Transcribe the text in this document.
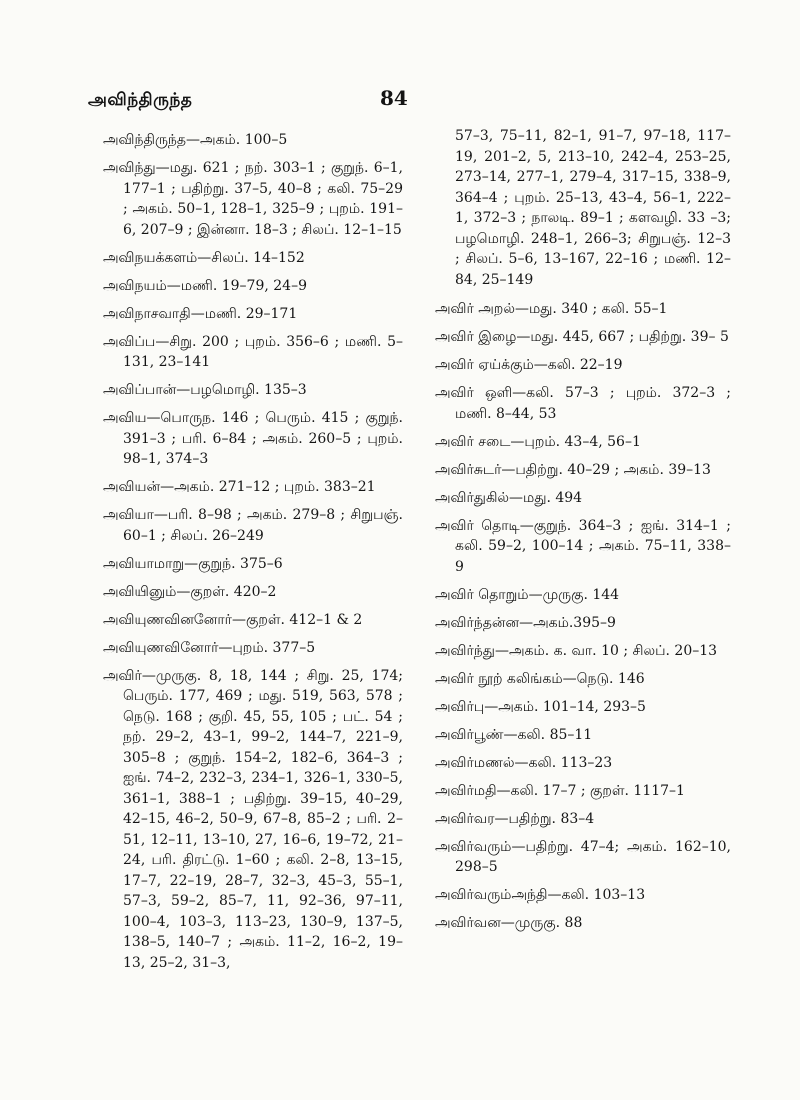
அவிந்திருந்த	84

அவிந்திருந்த—அகம். 100–5

அவிந்து—மது. 621 ; நற். 303–1 ; குறுந். 6–1, 177–1 ; பதிற்று. 37–5, 40–8 ; கலி. 75–29 ; அகம். 50–1, 128–1, 325–9 ; புறம். 191–6, 207–9 ; இன்னா. 18–3 ; சிலப். 12–1–15

அவிநயக்களம்—சிலப். 14–152

அவிநயம்—மணி. 19–79, 24–9

அவிநாசவாதி—மணி. 29–171

அவிப்ப—சிறு. 200 ; புறம். 356–6 ; மணி. 5–131, 23–141

அவிப்பான்—பழமொழி. 135–3

அவிய—பொருந. 146 ; பெரும். 415 ; குறுந். 391–3 ; பரி. 6–84 ; அகம். 260–5 ; புறம். 98–1, 374–3

அவியன்—அகம். 271–12 ; புறம். 383–21

அவியா—பரி. 8–98 ; அகம். 279–8 ; சிறுபஞ். 60–1 ; சிலப். 26–249

அவியாமாறு—குறுந். 375–6

அவியினும்—குறள். 420–2

அவியுணவினனோர்—குறள். 412–1 & 2

அவியுணவினோர்—புறம். 377–5

அவிர்—முருகு. 8, 18, 144 ; சிறு. 25, 174; பெரும். 177, 469 ; மது. 519, 563, 578 ; நெடு. 168 ; குறி. 45, 55, 105 ; பட். 54 ; நற். 29–2, 43–1, 99–2, 144–7, 221–9, 305–8 ; குறுந். 154–2, 182–6, 364–3 ; ஐங். 74–2, 232–3, 234–1, 326–1, 330–5, 361–1, 388–1 ; பதிற்று. 39–15, 40–29, 42–15, 46–2, 50–9, 67–8, 85–2 ; பரி. 2–51, 12–11, 13–10, 27, 16–6, 19–72, 21–24, பரி. திரட்டு. 1–60 ; கலி. 2–8, 13–15, 17–7, 22–19, 28–7, 32–3, 45–3, 55–1, 57–3, 59–2, 85–7, 11, 92–36, 97–11, 100–4, 103–3, 113–23, 130–9, 137–5, 138–5, 140–7 ; அகம். 11–2, 16–2, 19–13, 25–2, 31–3,

57–3, 75–11, 82–1, 91–7, 97–18, 117–19, 201–2, 5, 213–10, 242–4, 253–25, 273–14, 277–1, 279–4, 317–15, 338–9, 364–4 ; புறம். 25–13, 43–4, 56–1, 222–1, 372–3 ; நாலடி. 89–1 ; களவழி. 33 –3; பழமொழி. 248–1, 266–3; சிறுபஞ். 12–3 ; சிலப். 5–6, 13–167, 22–16 ; மணி. 12–84, 25–149

அவிர் அறல்—மது. 340 ; கலி. 55–1

அவிர் இழை—மது. 445, 667 ; பதிற்று. 39– 5

அவிர் ஏய்க்கும்—கலி. 22–19

அவிர் ஒளி—கலி. 57–3 ; புறம். 372–3 ; மணி. 8–44, 53

அவிர் சடை—புறம். 43–4, 56–1

அவிர்சுடர்—பதிற்று. 40–29 ; அகம். 39–13

அவிர்துகில்—மது. 494

அவிர் தொடி—குறுந். 364–3 ; ஐங். 314–1 ; கலி. 59–2, 100–14 ; அகம். 75–11, 338–9

அவிர் தொறும்—முருகு. 144

அவிர்ந்தன்ன—அகம்.395–9

அவிர்ந்து—அகம். க. வா. 10 ; சிலப். 20–13

அவிர் நூற் கலிங்கம்—நெடு. 146

அவிர்பு—அகம். 101–14, 293–5

அவிர்பூண்—கலி. 85–11

அவிர்மணல்—கலி. 113–23

அவிர்மதி—கலி. 17–7 ; குறள். 1117–1

அவிர்வர—பதிற்று. 83–4

அவிர்வரும்—பதிற்று. 47–4; அகம். 162–10, 298–5

அவிர்வரும்அந்தி—கலி. 103–13

அவிர்வன—முருகு. 88
